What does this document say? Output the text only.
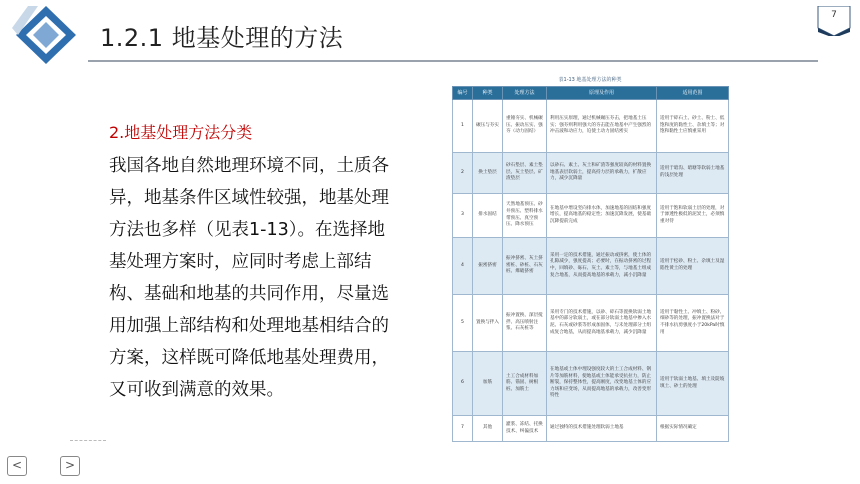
1.2.1 地基处理的方法
7
2.地基处理方法分类
我国各地自然地理环境不同，土质各异，地基条件区域性较强，地基处理方法也多样（见表1-13）。在选择地基处理方案时，应同时考虑上部结构、基础和地基的共同作用，尽量选用加强上部结构和处理地基相结合的方案，这样既可降低地基处理费用，又可收到满意的效果。
<	>
表1-13 地基处理方法的种类
编号	种类	处理方法	原理及作用	适用范围
1	碾压与夯实	重锤夯实、机械碾压、振动压实、强夯（动力固结）	利用压实原理，通过机械碾压夯击，把地基土压实；强夯则利用强大的夯击能在地基中产生强烈的冲击波和动应力，迫使土动力固结密实	适用于碎石土、砂土、粉土、低饱和度的黏性土、杂填土等；对饱和黏性土应慎重采用
2	换土垫层	砂石垫层、素土垫层、灰土垫层、矿渣垫层	以砂石、素土、灰土和矿渣等强度较高的材料置换地基表层软弱土，提高持力层的承载力，扩散应力，减少沉降量	适用于暗沟、暗塘等软弱土地基的浅层处理
3	排水固结	天然地基预压、砂井预压、塑料排水带预压、真空预压、降水预压	在地基中增设竖向排水体，加速地基的固结和强度增长，提高地基的稳定性；加速沉降发展，使基础沉降提前完成	适用于饱和软弱土层的处理，对于渗透性极低的泥炭土，必须慎重对待
4	振密挤密	振冲挤密、灰土挤密桩、砂桩、石灰桩、爆破挤密	采用一定的技术措施，通过振动或挤密，使土体的孔隙减少，强度提高；必要时，在振动挤密的过程中，回填砂、砾石、灰土、素土等，与地基土组成复合地基，从而提高地基的承载力，减小沉降量	适用于松砂、粉土、杂填土及湿陷性黄土的处理
5	置换与拌入	振冲置换、深层搅拌、高压喷射注浆、石灰桩等	采用专门的技术措施，以砂、碎石等置换软弱土地基中的部分软弱土，或在部分软弱土地基中掺入水泥、石灰或砂浆等形成加固体，与未处理部分土组成复合地基，从而提高地基承载力，减少沉降量	适用于黏性土、冲填土、粉砂、细砂等的处理，振冲置换法对于不排水抗剪强度小于20kPa时慎用
6	加筋	土工合成材料加筋、锚固、树根桩、加筋土	在地基或土体中埋设强度较大的土工合成材料、钢片等加筋材料，使地基或土体能承受抗拉力，防止断裂，保持整体性，提高刚度，改变地基土体的应力场和应变场，从而提高地基的承载力，改善变形特性	适用于软弱土地基、填土及陡坡填土、砂土的处理
7	其他	灌浆、冻结、托换技术、纠偏技术	通过独特的技术措施处理软弱土地基	根据实际情况确定
